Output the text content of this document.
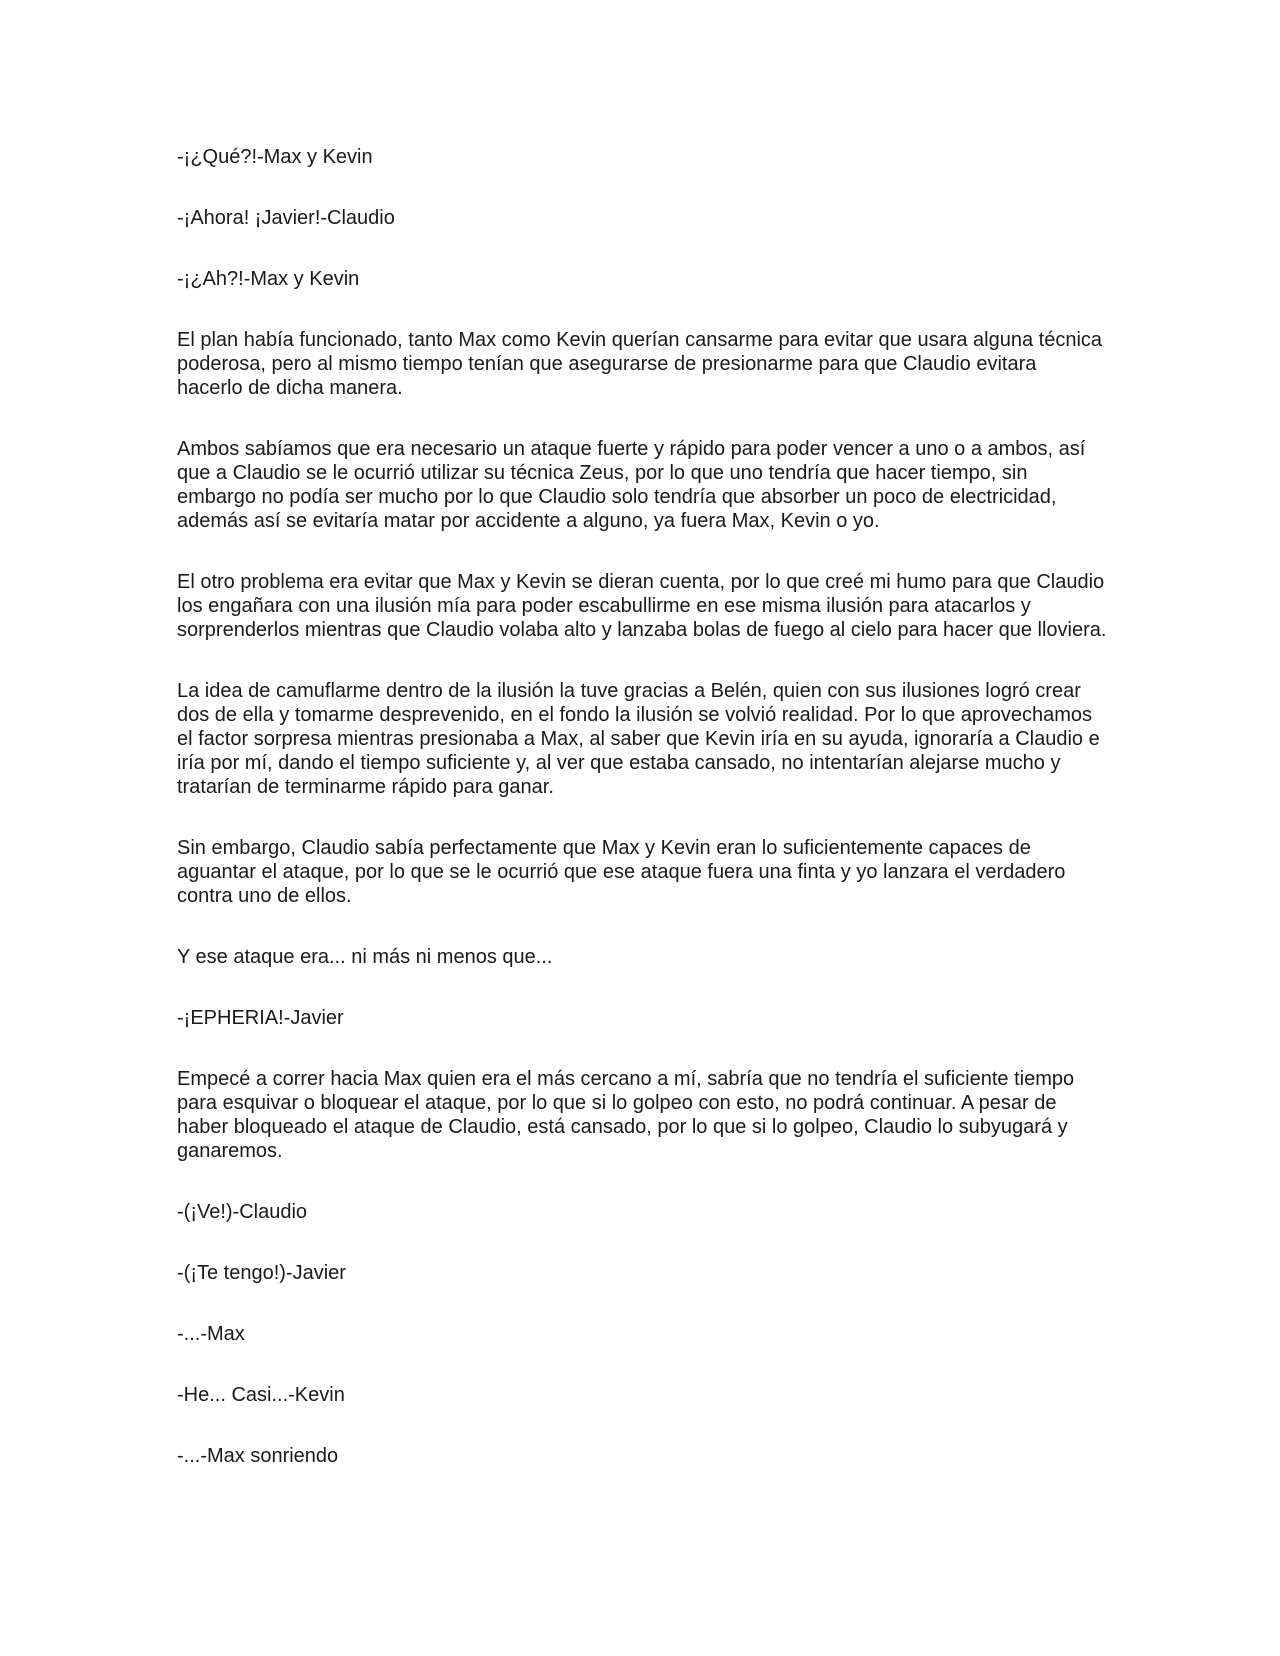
-¡¿Qué?!-Max y Kevin

-¡Ahora! ¡Javier!-Claudio

-¡¿Ah?!-Max y Kevin

El plan había funcionado, tanto Max como Kevin querían cansarme para evitar que usara alguna técnica poderosa, pero al mismo tiempo tenían que asegurarse de presionarme para que Claudio evitara hacerlo de dicha manera.

Ambos sabíamos que era necesario un ataque fuerte y rápido para poder vencer a uno o a ambos, así que a Claudio se le ocurrió utilizar su técnica Zeus, por lo que uno tendría que hacer tiempo, sin embargo no podía ser mucho por lo que Claudio solo tendría que absorber un poco de electricidad, además así se evitaría matar por accidente a alguno, ya fuera Max, Kevin o yo.

El otro problema era evitar que Max y Kevin se dieran cuenta, por lo que creé mi humo para que Claudio los engañara con una ilusión mía para poder escabullirme en ese misma ilusión para atacarlos y sorprenderlos mientras que Claudio volaba alto y lanzaba bolas de fuego al cielo para hacer que lloviera.

La idea de camuflarme dentro de la ilusión la tuve gracias a Belén, quien con sus ilusiones logró crear dos de ella y tomarme desprevenido, en el fondo la ilusión se volvió realidad. Por lo que aprovechamos el factor sorpresa mientras presionaba a Max, al saber que Kevin iría en su ayuda, ignoraría a Claudio e iría por mí, dando el tiempo suficiente y, al ver que estaba cansado, no intentarían alejarse mucho y tratarían de terminarme rápido para ganar.

Sin embargo, Claudio sabía perfectamente que Max y Kevin eran lo suficientemente capaces de aguantar el ataque, por lo que se le ocurrió que ese ataque fuera una finta y yo lanzara el verdadero contra uno de ellos.

Y ese ataque era... ni más ni menos que...

-¡EPHERIA!-Javier

Empecé a correr hacia Max quien era el más cercano a mí, sabría que no tendría el suficiente tiempo para esquivar o bloquear el ataque, por lo que si lo golpeo con esto, no podrá continuar. A pesar de haber bloqueado el ataque de Claudio, está cansado, por lo que si lo golpeo, Claudio lo subyugará y ganaremos.

-(¡Ve!)-Claudio

-(¡Te tengo!)-Javier

-...-Max

-He... Casi...-Kevin

-...-Max sonriendo
